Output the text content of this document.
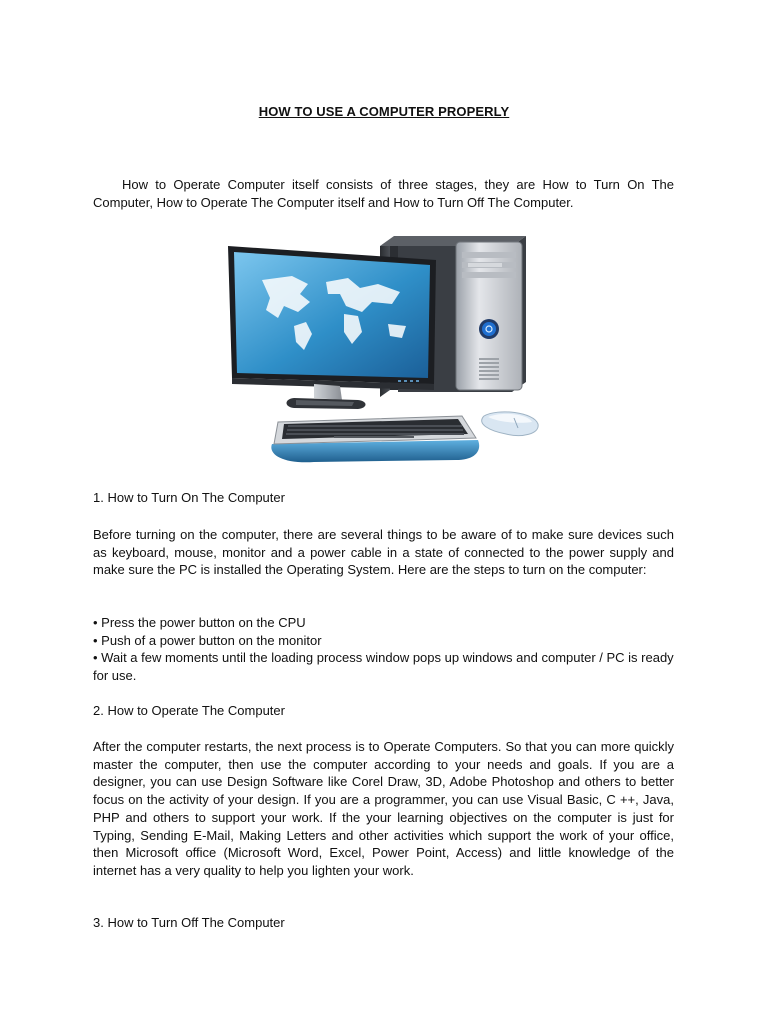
HOW TO USE A COMPUTER PROPERLY

How to Operate Computer itself consists of three stages, they are How to Turn On The Computer, How to Operate The Computer itself and How to Turn Off The Computer.

1. How to Turn On The Computer

Before turning on the computer, there are several things to be aware of to make sure devices such as keyboard, mouse, monitor and a power cable in a state of connected to the power supply and make sure the PC is installed the Operating System. Here are the steps to turn on the computer:

• Press the power button on the CPU
• Push of a power button on the monitor
• Wait a few moments until the loading process window pops up windows and computer / PC is ready for use.
2. How to Operate The Computer

After the computer restarts, the next process is to Operate Computers. So that you can more quickly master the computer, then use the computer according to your needs and goals. If you are a designer, you can use Design Software like Corel Draw, 3D, Adobe Photoshop and others to better focus on the activity of your design. If you are a programmer, you can use Visual Basic, C ++, Java, PHP and others to support your work. If the your learning objectives on the computer is just for Typing, Sending E-Mail, Making Letters and other activities which support the work of your office, then Microsoft office (Microsoft Word, Excel, Power Point, Access) and little knowledge of the internet has a very quality to help you lighten your work.

3. How to Turn Off The Computer
